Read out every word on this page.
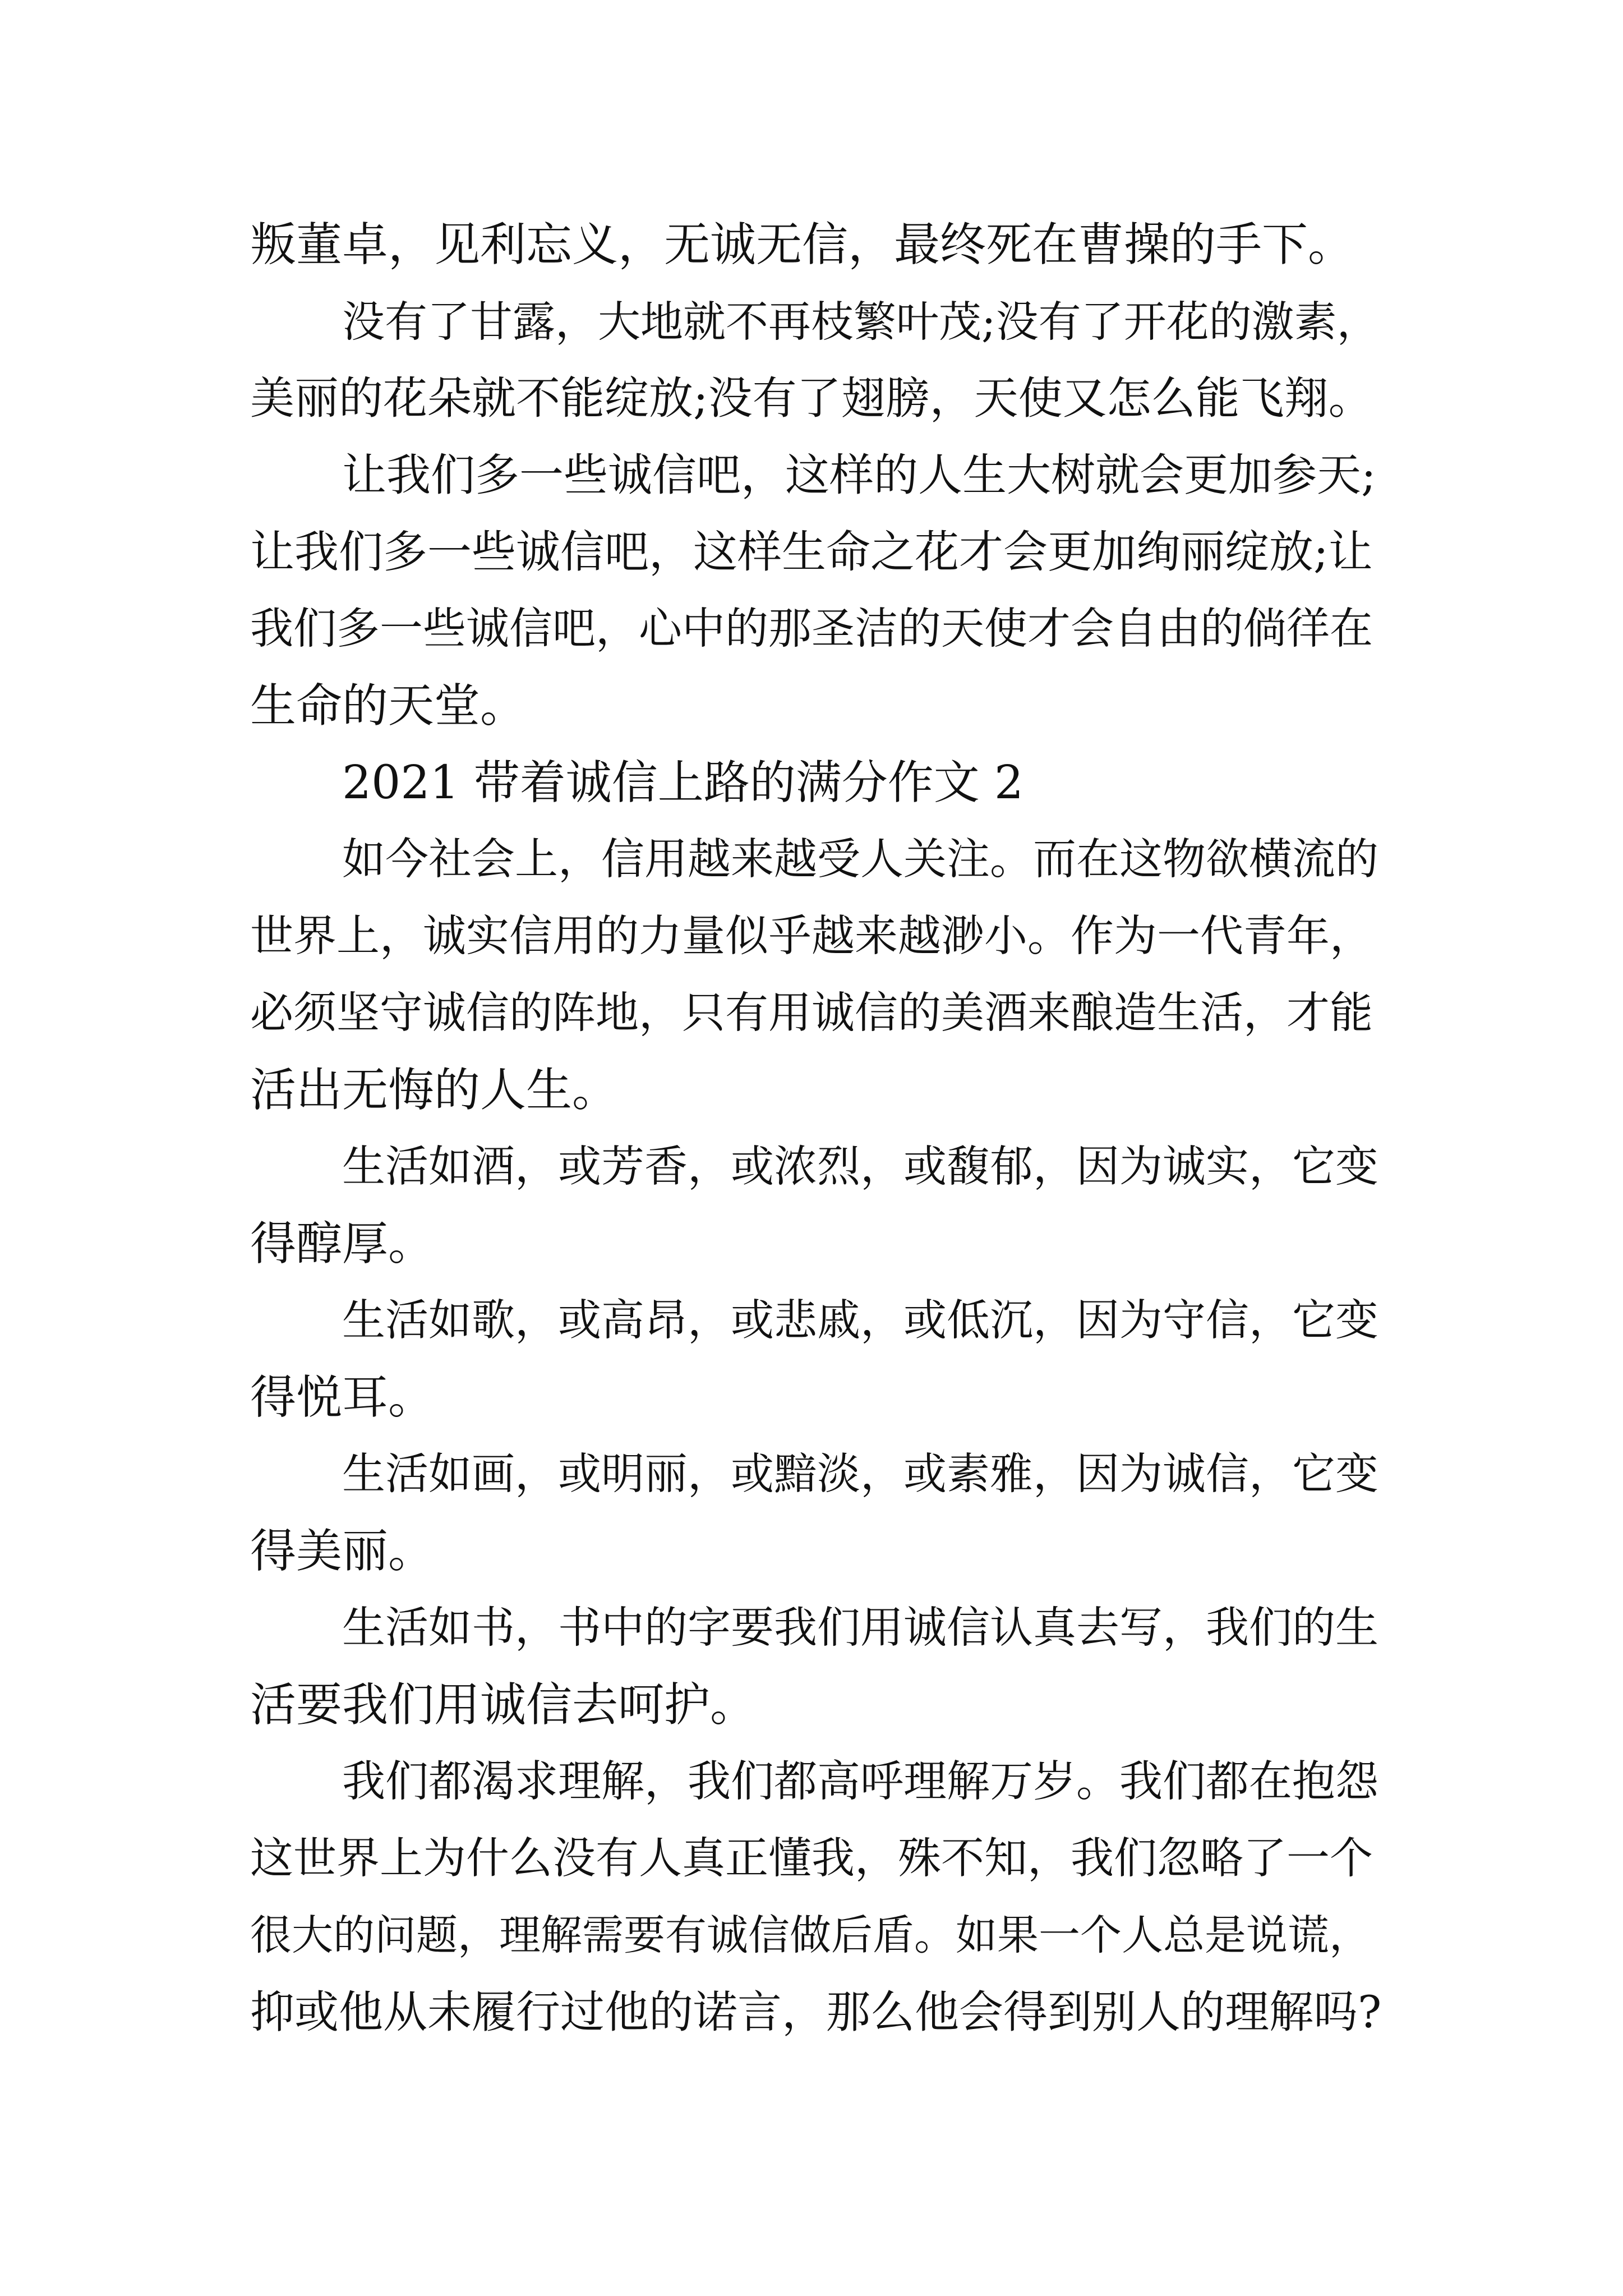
叛董卓，见利忘义，无诚无信，最终死在曹操的手下。
没有了甘露，大地就不再枝繁叶茂;没有了开花的激素，
美丽的花朵就不能绽放;没有了翅膀，天使又怎么能飞翔。
让我们多一些诚信吧，这样的人生大树就会更加参天;
让我们多一些诚信吧，这样生命之花才会更加绚丽绽放;让
我们多一些诚信吧，心中的那圣洁的天使才会自由的倘徉在
生命的天堂。
2021 带着诚信上路的满分作文 2
如今社会上，信用越来越受人关注。而在这物欲横流的
世界上，诚实信用的力量似乎越来越渺小。作为一代青年，
必须坚守诚信的阵地，只有用诚信的美酒来酿造生活，才能
活出无悔的人生。
生活如酒，或芳香，或浓烈，或馥郁，因为诚实，它变
得醇厚。
生活如歌，或高昂，或悲戚，或低沉，因为守信，它变
得悦耳。
生活如画，或明丽，或黯淡，或素雅，因为诚信，它变
得美丽。
生活如书，书中的字要我们用诚信认真去写，我们的生
活要我们用诚信去呵护。
我们都渴求理解，我们都高呼理解万岁。我们都在抱怨
这世界上为什么没有人真正懂我，殊不知，我们忽略了一个
很大的问题，理解需要有诚信做后盾。如果一个人总是说谎，
抑或他从未履行过他的诺言，那么他会得到别人的理解吗?
